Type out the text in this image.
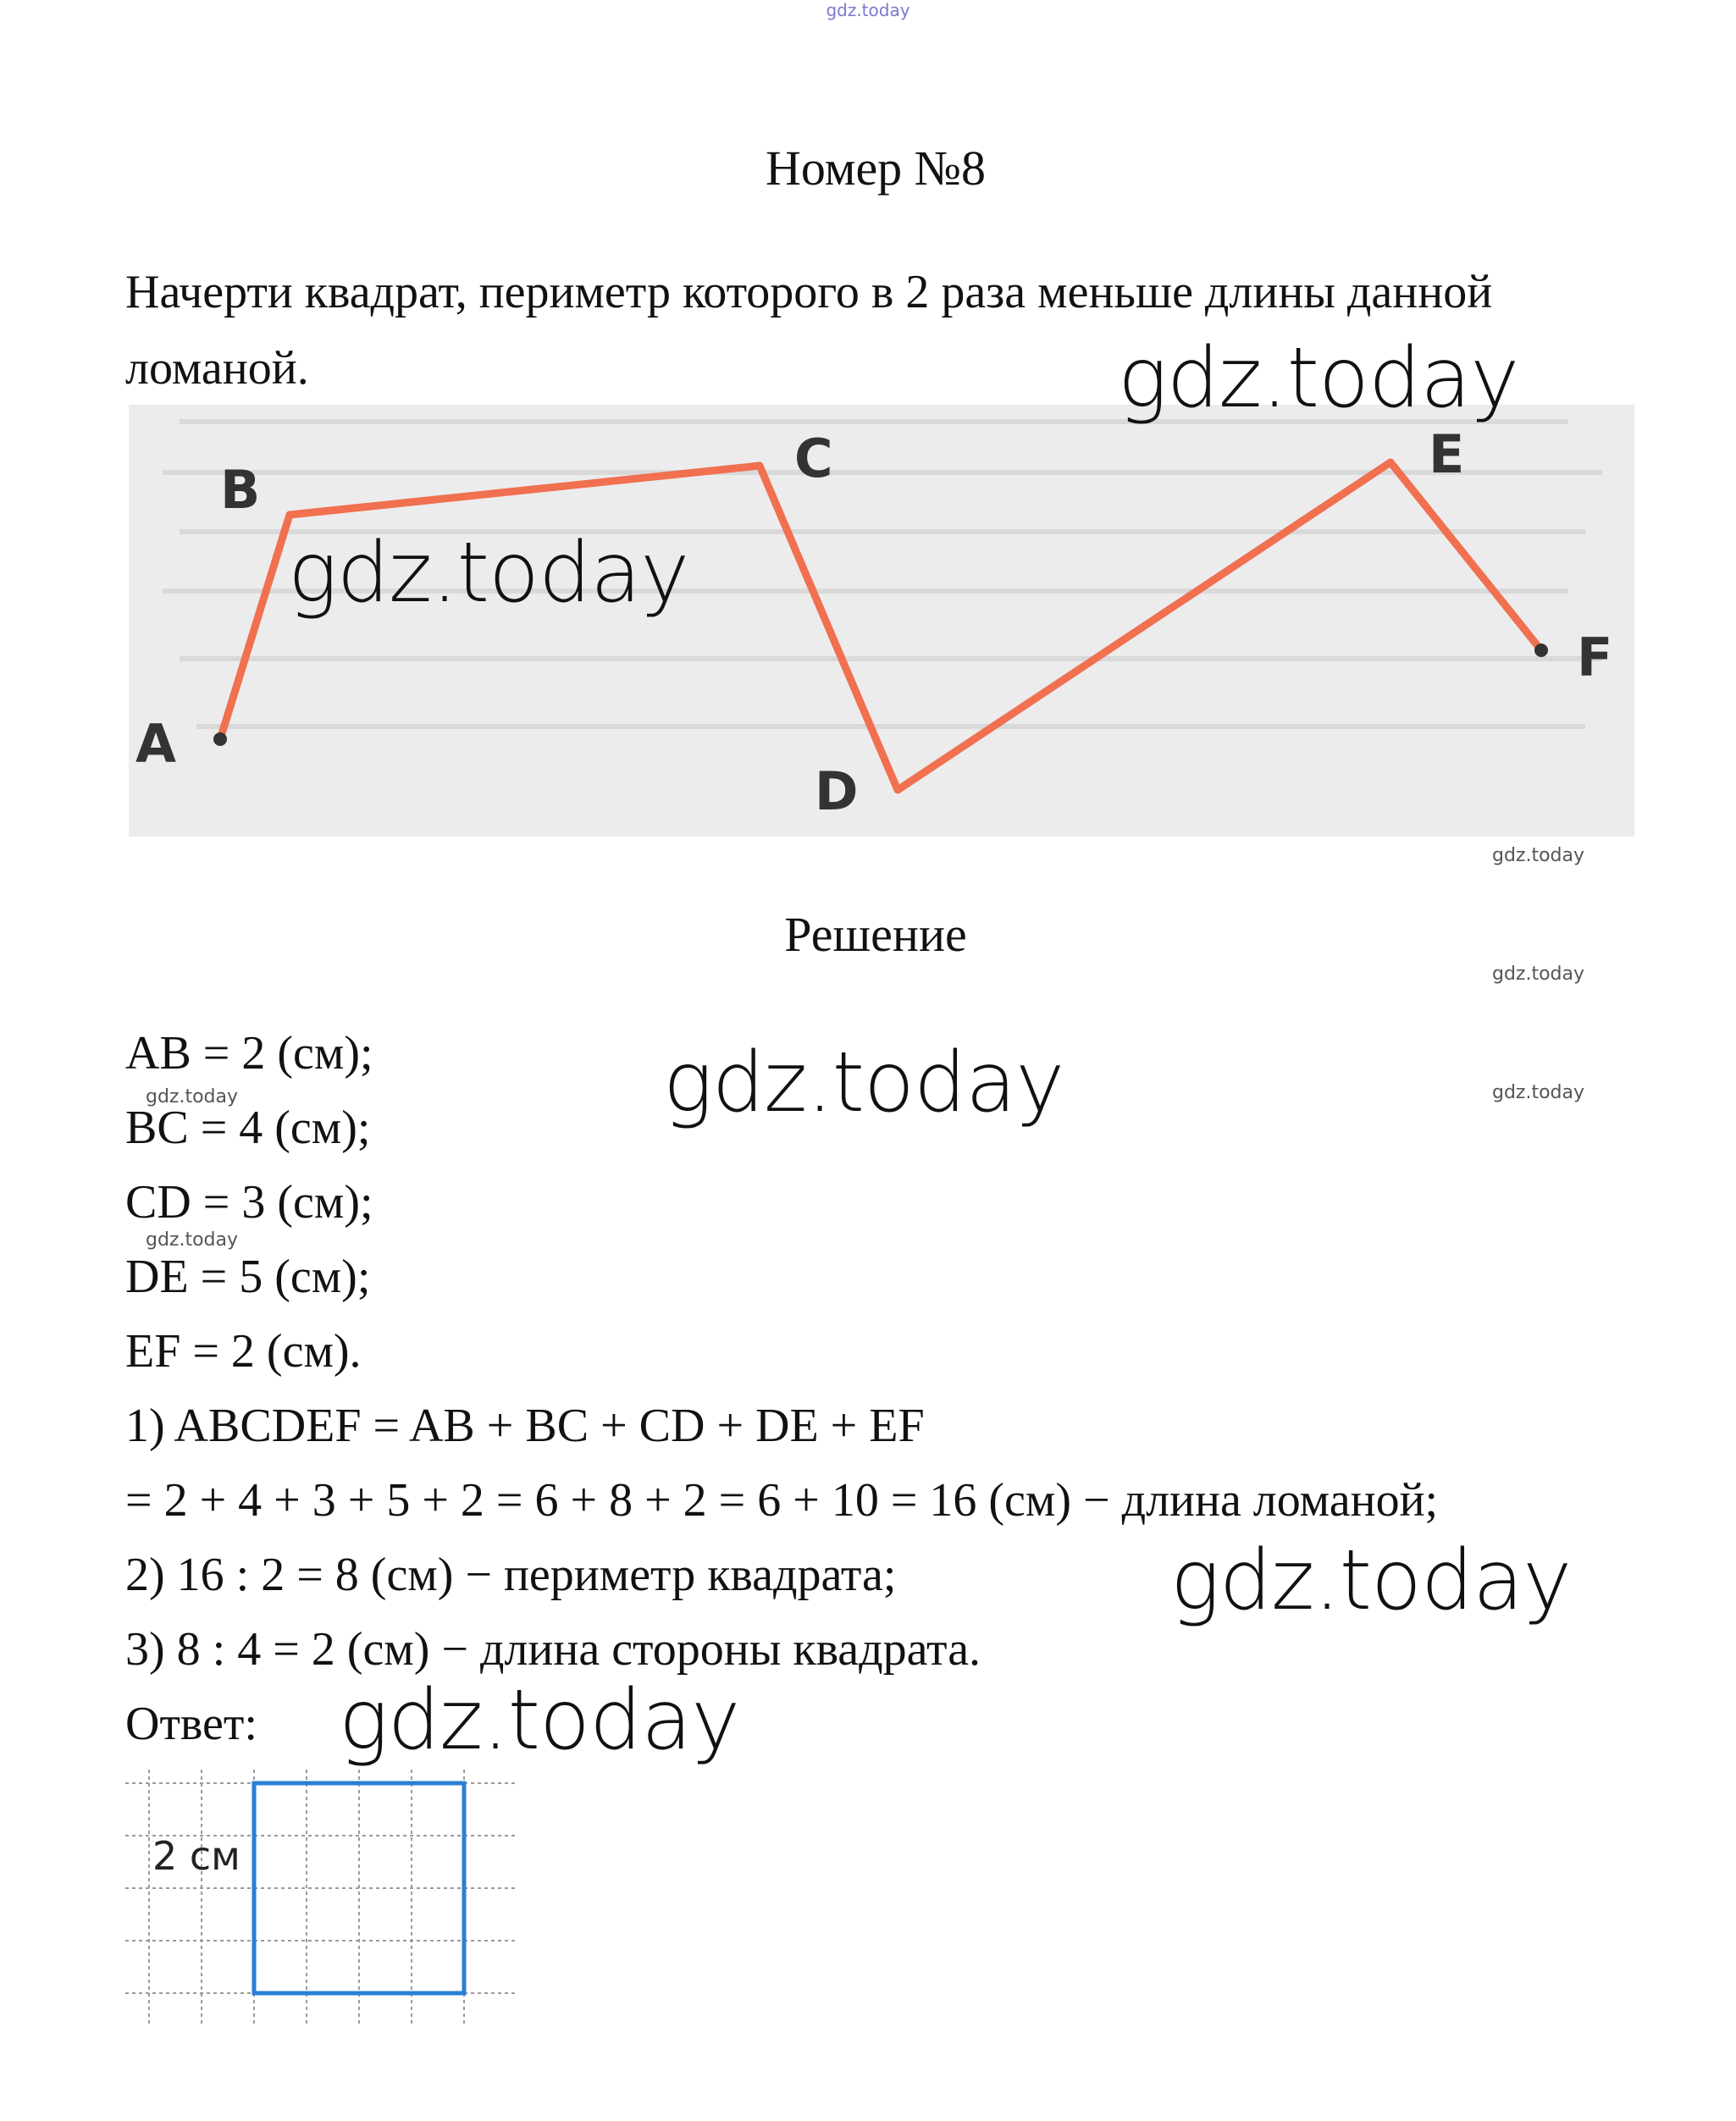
gdz.today
Номер №8
Начерти квадрат, периметр которого в 2 раза меньше длины данной ломаной.
A
B
C
D
E
F
gdz.today
gdz.today
gdz.today
Решение
gdz.today
AB = 2 (см);
gdz.today	gdz.today	gdz.today
BC = 4 (см);
CD = 3 (см);
gdz.today
DE = 5 (см);
EF = 2 (см).
1) ABCDEF = AB + BC + CD + DE + EF
= 2 + 4 + 3 + 5 + 2 = 6 + 8 + 2 = 6 + 10 = 16 (см) − длина ломаной;
2) 16 : 2 = 8 (см) − периметр квадрата;	gdz.today
3) 8 : 4 = 2 (см) − длина стороны квадрата.
Ответ: gdz.today
2 см
